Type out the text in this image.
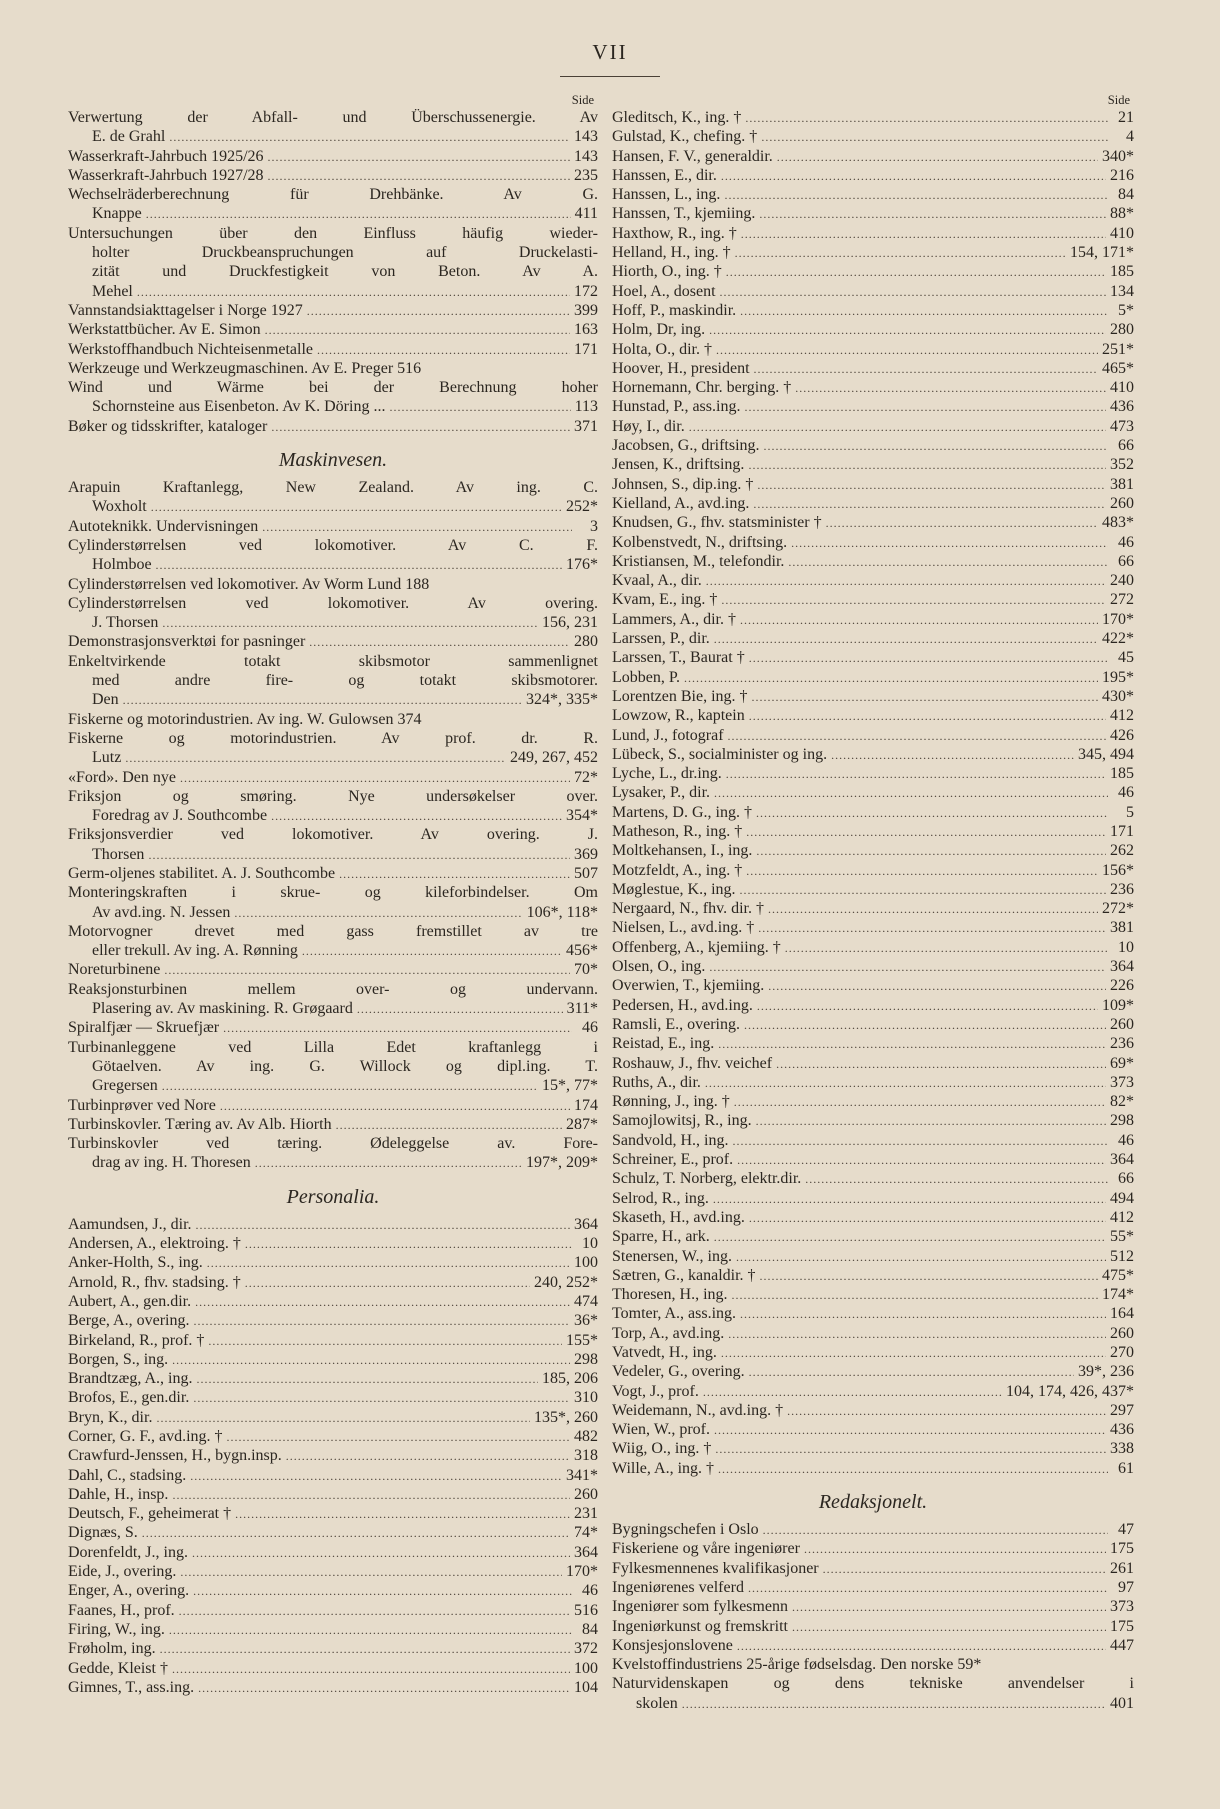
VII
Side
Verwertung der Abfall- und Überschussenergie. Av
E. de Grahl .....	143
Wasserkraft-Jahrbuch 1925/26 .....	143
Wasserkraft-Jahrbuch 1927/28 .....	235
Wechselräderberechnung für Drehbänke. Av G.
Knappe .....	411
Untersuchungen über den Einfluss häufig wieder-
holter Druckbeanspruchungen auf Druckelasti-
zität und Druckfestigkeit von Beton. Av A.
Mehel .....	172
Vannstandsiakttagelser i Norge 1927 .....	399
Werkstattbücher. Av E. Simon .....	163
Werkstoffhandbuch Nichteisenmetalle .....	171
Werkzeuge und Werkzeugmaschinen. Av E. Preger 516
Wind und Wärme bei der Berechnung hoher
Schornsteine aus Eisenbeton. Av K. Döring ... .....	113
Bøker og tidsskrifter, kataloger .....	371
Maskinvesen.
Arapuin Kraftanlegg, New Zealand. Av ing. C.
Woxholt .....	252*
Autoteknikk. Undervisningen .....	3
Cylinderstørrelsen ved lokomotiver. Av C. F.
Holmboe .....	176*
Cylinderstørrelsen ved lokomotiver. Av Worm Lund 188
Cylinderstørrelsen ved lokomotiver. Av overing.
J. Thorsen .....	156, 231
Demonstrasjonsverktøi for pasninger .....	280
Enkeltvirkende totakt skibsmotor sammenlignet
med andre fire- og totakt skibsmotorer.
Den .....	324*, 335*
Fiskerne og motorindustrien. Av ing. W. Gulowsen 374
Fiskerne og motorindustrien. Av prof. dr. R.
Lutz .....	249, 267, 452
«Ford». Den nye .....	72*
Friksjon og smøring. Nye undersøkelser over.
Foredrag av J. Southcombe .....	354*
Friksjonsverdier ved lokomotiver. Av overing. J.
Thorsen .....	369
Germ-oljenes stabilitet. A. J. Southcombe .....	507
Monteringskraften i skrue- og kileforbindelser. Om
Av avd.ing. N. Jessen .....	106*, 118*
Motorvogner drevet med gass fremstillet av tre
eller trekull. Av ing. A. Rønning .....	456*
Noreturbinene .....	70*
Reaksjonsturbinen mellem over- og undervann.
Plasering av. Av maskining. R. Grøgaard .....	311*
Spiralfjær — Skruefjær .....	46
Turbinanleggene ved Lilla Edet kraftanlegg i
Götaelven. Av ing. G. Willock og dipl.ing. T.
Gregersen .....	15*, 77*
Turbinprøver ved Nore .....	174
Turbinskovler. Tæring av. Av Alb. Hiorth .....	287*
Turbinskovler ved tæring. Ødeleggelse av. Fore-
drag av ing. H. Thoresen .....	197*, 209*
Personalia.
Aamundsen, J., dir. .....	364
Andersen, A., elektroing. † .....	10
Anker-Holth, S., ing. .....	100
Arnold, R., fhv. stadsing. † .....	240, 252*
Aubert, A., gen.dir. .....	474
Berge, A., overing. .....	36*
Birkeland, R., prof. † .....	155*
Borgen, S., ing. .....	298
Brandtzæg, A., ing. .....	185, 206
Brofos, E., gen.dir. .....	310
Bryn, K., dir. .....	135*, 260
Corner, G. F., avd.ing. † .....	482
Crawfurd-Jenssen, H., bygn.insp. .....	318
Dahl, C., stadsing. .....	341*
Dahle, H., insp. .....	260
Deutsch, F., geheimerat † .....	231
Dignæs, S. .....	74*
Dorenfeldt, J., ing. .....	364
Eide, J., overing. .....	170*
Enger, A., overing. .....	46
Faanes, H., prof. .....	516
Firing, W., ing. .....	84
Frøholm, ing. .....	372
Gedde, Kleist † .....	100
Gimnes, T., ass.ing. .....	104
Side
Gleditsch, K., ing. † .....	21
Gulstad, K., chefing. † .....	4
Hansen, F. V., generaldir. .....	340*
Hanssen, E., dir. .....	216
Hanssen, L., ing. .....	84
Hanssen, T., kjemiing. .....	88*
Haxthow, R., ing. † .....	410
Helland, H., ing. † .....	154, 171*
Hiorth, O., ing. † .....	185
Hoel, A., dosent .....	134
Hoff, P., maskindir. .....	5*
Holm, Dr, ing. .....	280
Holta, O., dir. † .....	251*
Hoover, H., president .....	465*
Hornemann, Chr. berging. † .....	410
Hunstad, P., ass.ing. .....	436
Høy, I., dir. .....	473
Jacobsen, G., driftsing. .....	66
Jensen, K., driftsing. .....	352
Johnsen, S., dip.ing. † .....	381
Kielland, A., avd.ing. .....	260
Knudsen, G., fhv. statsminister † .....	483*
Kolbenstvedt, N., driftsing. .....	46
Kristiansen, M., telefondir. .....	66
Kvaal, A., dir. .....	240
Kvam, E., ing. † .....	272
Lammers, A., dir. † .....	170*
Larssen, P., dir. .....	422*
Larssen, T., Baurat † .....	45
Lobben, P. .....	195*
Lorentzen Bie, ing. † .....	430*
Lowzow, R., kaptein .....	412
Lund, J., fotograf .....	426
Lübeck, S., socialminister og ing. .....	345, 494
Lyche, L., dr.ing. .....	185
Lysaker, P., dir. .....	46
Martens, D. G., ing. † .....	5
Matheson, R., ing. † .....	171
Moltkehansen, I., ing. .....	262
Motzfeldt, A., ing. † .....	156*
Møglestue, K., ing. .....	236
Nergaard, N., fhv. dir. † .....	272*
Nielsen, L., avd.ing. † .....	381
Offenberg, A., kjemiing. † .....	10
Olsen, O., ing. .....	364
Overwien, T., kjemiing. .....	226
Pedersen, H., avd.ing. .....	109*
Ramsli, E., overing. .....	260
Reistad, E., ing. .....	236
Roshauw, J., fhv. veichef .....	69*
Ruths, A., dir. .....	373
Rønning, J., ing. † .....	82*
Samojlowitsj, R., ing. .....	298
Sandvold, H., ing. .....	46
Schreiner, E., prof. .....	364
Schulz, T. Norberg, elektr.dir. .....	66
Selrod, R., ing. .....	494
Skaseth, H., avd.ing. .....	412
Sparre, H., ark. .....	55*
Stenersen, W., ing. .....	512
Sætren, G., kanaldir. † .....	475*
Thoresen, H., ing. .....	174*
Tomter, A., ass.ing. .....	164
Torp, A., avd.ing. .....	260
Vatvedt, H., ing. .....	270
Vedeler, G., overing. .....	39*, 236
Vogt, J., prof. .....	104, 174, 426, 437*
Weidemann, N., avd.ing. † .....	297
Wien, W., prof. .....	436
Wiig, O., ing. † .....	338
Wille, A., ing. † .....	61
Redaksjonelt.
Bygningschefen i Oslo .....	47
Fiskeriene og våre ingeniører .....	175
Fylkesmennenes kvalifikasjoner .....	261
Ingeniørenes velferd .....	97
Ingeniører som fylkesmenn .....	373
Ingeniørkunst og fremskritt .....	175
Konsjesjonslovene .....	447
Kvelstoffindustriens 25-årige fødselsdag. Den norske 59*
Naturvidenskapen og dens tekniske anvendelser i
skolen .....	401
